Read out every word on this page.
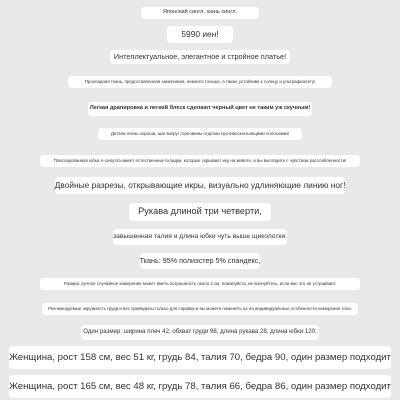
Японский сингл, юань сингл.
5990 иен!
Интеллектуальное, элегантное и стройное платье!
Прохладная ткань, предоставленная заказчиком, немного тоньше, а также устойчива к солнцу и ультрафиолету!
Легкая драпировка и легкий блеск сделают черный цвет не таким уж скучным!
Детали очень хороши, шаг вокруг горловины отделан противоскользящими полосками!
Плиссированная юбка A-силуэта имеет естественные складки, которые скрывают ику на животе, и вы выглядите с чувством расслабленности!
Двойные разрезы, открывающие икры, визуально удлиняющие линию ног!
Рукава длиной три четверти,
завышенная талия и длина юбки чуть выше щиколотки.
Ткань: 95% полиэстер 5% спандекс,
Размер: ручное случайное измерение может иметь погрешность около 2 см, пожалуйста, не волнуйтесь, если вас это не устраивает.
Рекомендуемые окружность груди и вес приведены только для справки и вы можете поменять их на индивидуальные особенности измерения тела.
Один размер: ширина плеч 42, обхват груди 98, длина рукава 28, длина юбки 120;
Женщина, рост 158 см, вес 51 кг, грудь 84, талия 70, бедра 90, один размер подходит
Женщина, рост 165 см, вес 48 кг, грудь 78, талия 66, бедра 86, один размер подходит
